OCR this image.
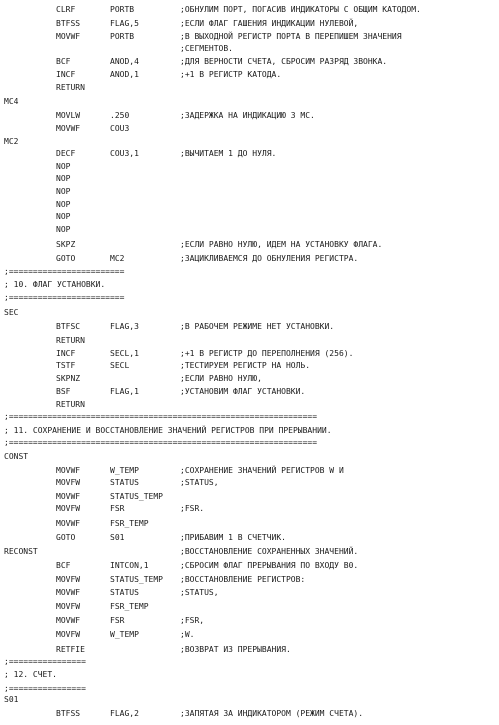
CLRF	PORTB	;ОБНУЛИМ ПОРТ, ПОГАСИВ ИНДИКАТОРЫ С ОБЩИМ КАТОДОМ.
BTFSS	FLAG,5	;ЕСЛИ ФЛАГ ГАШЕНИЯ ИНДИКАЦИИ НУЛЕВОЙ,
MOVWF	PORTB	;В ВЫХОДНОЙ РЕГИСТР ПОРТА В ПЕРЕПИШЕМ ЗНАЧЕНИЯ
;СЕГМЕНТОВ.
BCF	ANOD,4	;ДЛЯ ВЕРНОСТИ СЧЕТА, СБРОСИМ РАЗРЯД ЗВОНКА.
INCF	ANOD,1	;+1 В РЕГИСТР КАТОДА.
RETURN
MC4
MOVLW	.250	;ЗАДЕРЖКА НА ИНДИКАЦИЮ 3 МС.
MOVWF	COU3
MC2
DECF	COU3,1	;ВЫЧИТАЕМ 1 ДО НУЛЯ.
NOP
NOP
NOP
NOP
NOP
NOP
SKPZ	;ЕСЛИ РАВНО НУЛЮ, ИДЕМ НА УСТАНОВКУ ФЛАГА.
GOTO	MC2	;ЗАЦИКЛИВАЕМСЯ ДО ОБНУЛЕНИЯ РЕГИСТРА.
;========================
; 10. ФЛАГ УСТАНОВКИ.
;========================
SEC
BTFSC	FLAG,3	;В РАБОЧЕМ РЕЖИМЕ НЕТ УСТАНОВКИ.
RETURN
INCF	SECL,1	;+1 В РЕГИСТР ДО ПЕРЕПОЛНЕНИЯ (256).
TSTF	SECL	;ТЕСТИРУЕМ РЕГИСТР НА НОЛЬ.
SKPNZ	;ЕСЛИ РАВНО НУЛЮ,
BSF	FLAG,1	;УСТАНОВИМ ФЛАГ УСТАНОВКИ.
RETURN
;================================================================
; 11. СОХРАНЕНИЕ И ВОССТАНОВЛЕНИЕ ЗНАЧЕНИЙ РЕГИСТРОВ ПРИ ПРЕРЫВАНИИ.
;================================================================
CONST
MOVWF	W_TEMP	;СОХРАНЕНИЕ ЗНАЧЕНИЙ РЕГИСТРОВ W И
MOVFW	STATUS	;STATUS,
MOVWF	STATUS_TEMP
MOVFW	FSR	;FSR.
MOVWF	FSR_TEMP
GOTO	S01	;ПРИБАВИМ 1 В СЧЕТЧИК.
RECONST	;ВОССТАНОВЛЕНИЕ СОХРАНЕННЫХ ЗНАЧЕНИЙ.
BCF	INTCON,1	;СБРОСИМ ФЛАГ ПРЕРЫВАНИЯ ПО ВХОДУ В0.
MOVFW	STATUS_TEMP ;ВОССТАНОВЛЕНИЕ РЕГИСТРОВ:
MOVWF	STATUS	;STATUS,
MOVFW	FSR_TEMP
MOVWF	FSR	;FSR,
MOVFW	W_TEMP	;W.
RETFIE	;ВОЗВРАТ ИЗ ПРЕРЫВАНИЯ.
;================
; 12. СЧЕТ.
;================
S01
BTFSS	FLAG,2	;ЗАПЯТАЯ ЗА ИНДИКАТОРОМ (РЕЖИМ СЧЕТА).
